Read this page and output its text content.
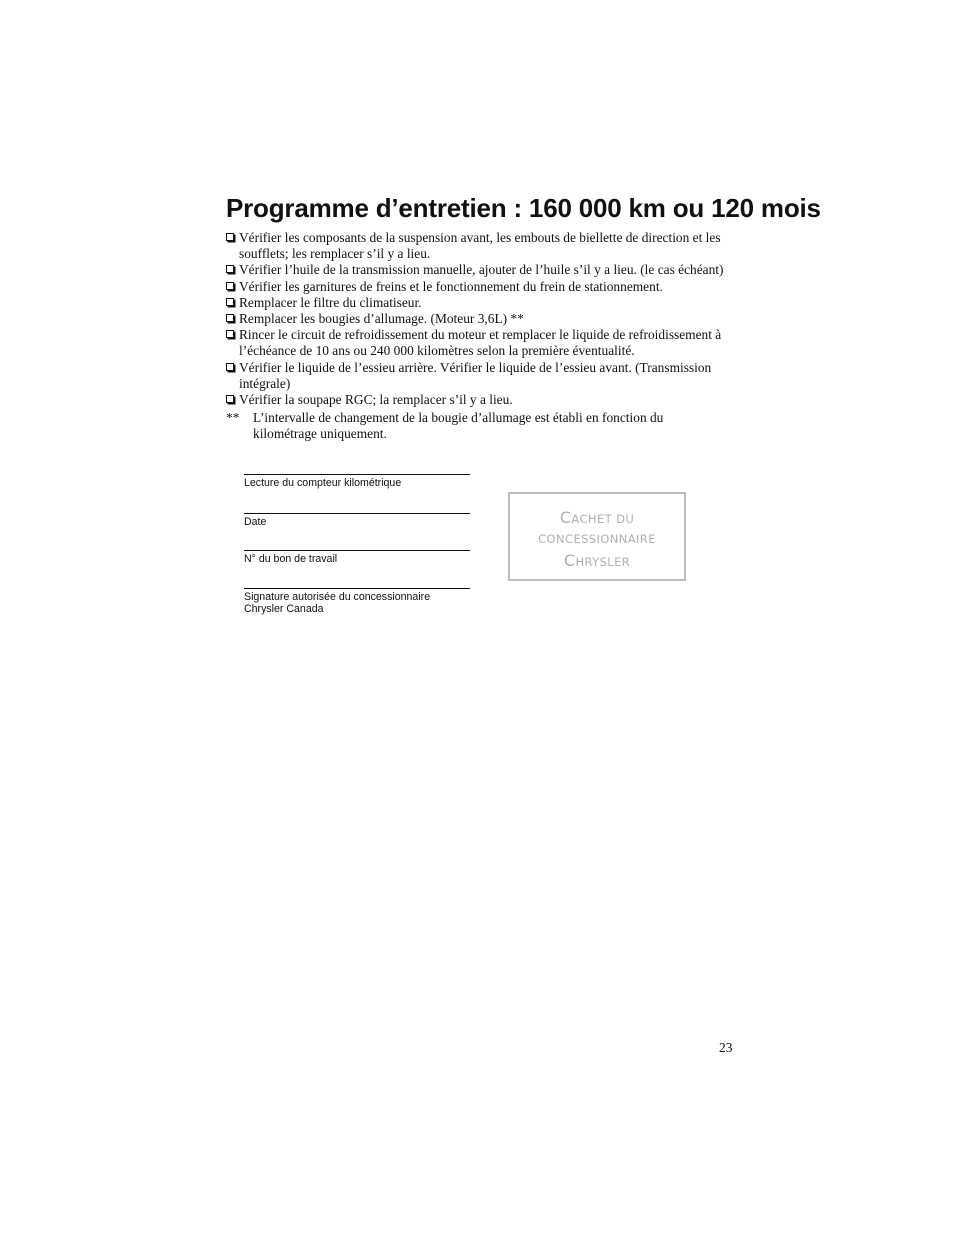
Programme d’entretien : 160 000 km ou 120 mois
Vérifier les composants de la suspension avant, les embouts de biellette de direction et les soufflets; les remplacer s’il y a lieu.
Vérifier l’huile de la transmission manuelle, ajouter de l’huile s’il y a lieu. (le cas échéant)
Vérifier les garnitures de freins et le fonctionnement du frein de stationnement.
Remplacer le filtre du climatiseur.
Remplacer les bougies d’allumage. (Moteur 3,6L) **
Rincer le circuit de refroidissement du moteur et remplacer le liquide de refroidissement à l’échéance de 10 ans ou 240 000 kilomètres selon la première éventualité.
Vérifier le liquide de l’essieu arrière. Vérifier le liquide de l’essieu avant. (Transmission intégrale)
Vérifier la soupape RGC; la remplacer s’il y a lieu.
**	L’intervalle de changement de la bougie d’allumage est établi en fonction du kilométrage uniquement.
Lecture du compteur kilométrique
Date
N° du bon de travail
Signature autorisée du concessionnaire
Chrysler Canada
CACHET DU
CONCESSIONNAIRE
CHRYSLER
23
